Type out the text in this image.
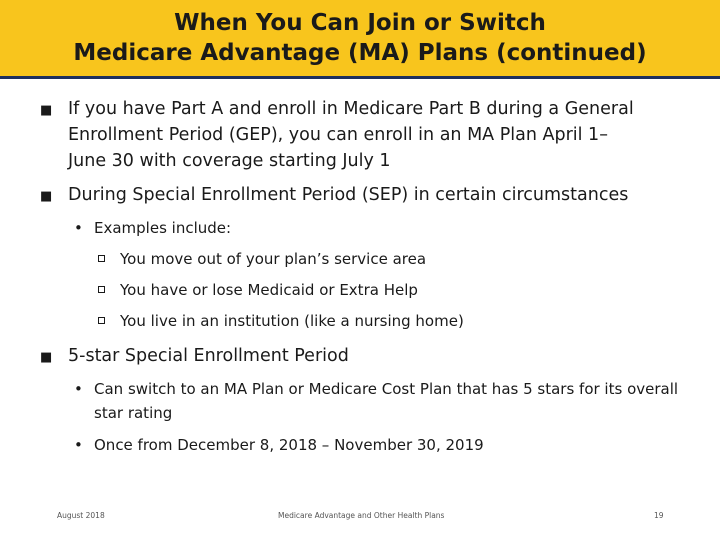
When You Can Join or Switch
Medicare Advantage (MA) Plans (continued)
■ If you have Part A and enroll in Medicare Part B during a General Enrollment Period (GEP), you can enroll in an MA Plan April 1–June 30 with coverage starting July 1
■ During Special Enrollment Period (SEP) in certain circumstances
• Examples include:
You move out of your plan’s service area
You have or lose Medicaid or Extra Help
You live in an institution (like a nursing home)
■ 5-star Special Enrollment Period
• Can switch to an MA Plan or Medicare Cost Plan that has 5 stars for its overall star rating
• Once from December 8, 2018 – November 30, 2019
August 2018	Medicare Advantage and Other Health Plans	19
